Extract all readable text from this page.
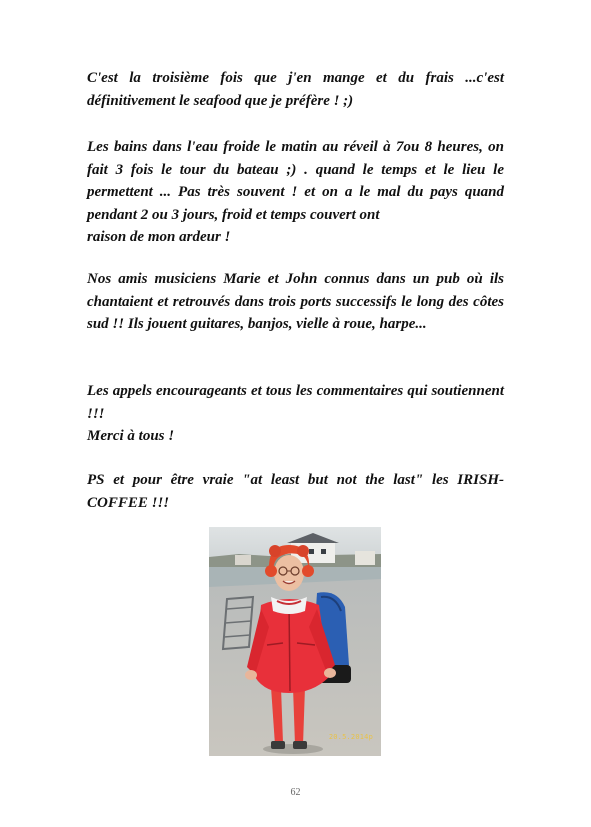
C'est la troisième fois que j'en mange et du frais ...c'est définitivement le seafood que je préfère ! ;)

Les bains dans l'eau froide le matin au réveil à 7ou 8 heures, on fait 3 fois le tour du bateau ;) . quand le temps et le lieu le permettent ... Pas très souvent ! et on a le mal du pays quand pendant 2 ou 3 jours, froid et temps couvert ont
raison de mon ardeur !

Nos amis musiciens Marie et John connus dans un pub où ils chantaient et retrouvés dans trois ports successifs le long des côtes sud !! Ils jouent guitares, banjos, vielle à roue, harpe...

Les appels encourageants et tous les commentaires qui soutiennent !!!
Merci à tous !

PS et pour être vraie "at least but not the last" les IRISH-COFFEE !!!

20.5.2014p
62
